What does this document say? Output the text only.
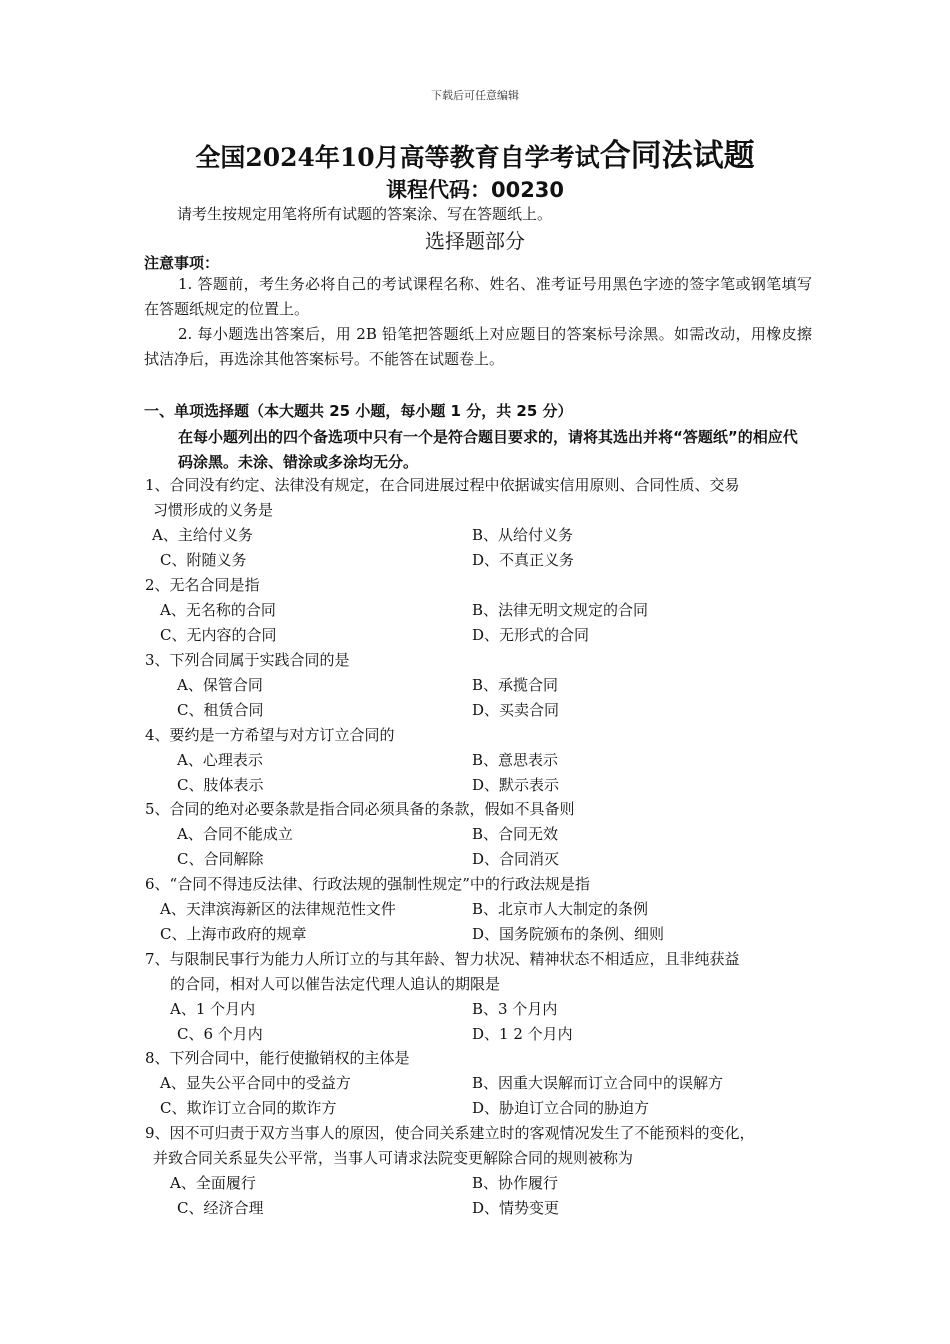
下载后可任意编辑
全国2024年10月高等教育自学考试合同法试题
课程代码：00230
请考生按规定用笔将所有试题的答案涂、写在答题纸上。
选择题部分
注意事项：
1. 答题前，考生务必将自己的考试课程名称、姓名、准考证号用黑色字迹的签字笔或钢笔填写在答题纸规定的位置上。
2. 每小题选出答案后，用 2B 铅笔把答题纸上对应题目的答案标号涂黑。如需改动，用橡皮擦拭洁净后，再选涂其他答案标号。不能答在试题卷上。
一、单项选择题（本大题共 25 小题，每小题 1 分，共 25 分）
在每小题列出的四个备选项中只有一个是符合题目要求的，请将其选出并将“答题纸”的相应代码涂黑。未涂、错涂或多涂均无分。
1、合同没有约定、法律没有规定，在合同进展过程中依据诚实信用原则、合同性质、交易
习惯形成的义务是
A、主给付义务	B、从给付义务
C、附随义务	D、不真正义务
2、无名合同是指
A、无名称的合同	B、法律无明文规定的合同
C、无内容的合同	D、无形式的合同
3、下列合同属于实践合同的是
A、保管合同	B、承揽合同
C、租赁合同	D、买卖合同
4、要约是一方希望与对方订立合同的
A、心理表示	B、意思表示
C、肢体表示	D、默示表示
5、合同的绝对必要条款是指合同必须具备的条款，假如不具备则
A、合同不能成立	B、合同无效
C、合同解除	D、合同消灭
6、“合同不得违反法律、行政法规的强制性规定”中的行政法规是指
A、天津滨海新区的法律规范性文件	B、北京市人大制定的条例
C、上海市政府的规章	D、国务院颁布的条例、细则
7、与限制民事行为能力人所订立的与其年龄、智力状况、精神状态不相适应，且非纯获益
的合同，相对人可以催告法定代理人追认的期限是
A、1 个月内	B、3 个月内
C、6 个月内	D、1 2 个月内
8、下列合同中，能行使撤销权的主体是
A、显失公平合同中的受益方	B、因重大误解而订立合同中的误解方
C、欺诈订立合同的欺诈方	D、胁迫订立合同的胁迫方
9、因不可归责于双方当事人的原因，使合同关系建立时的客观情况发生了不能预料的变化，
并致合同关系显失公平常，当事人可请求法院变更解除合同的规则被称为
A、全面履行	B、协作履行
C、经济合理	D、情势变更
